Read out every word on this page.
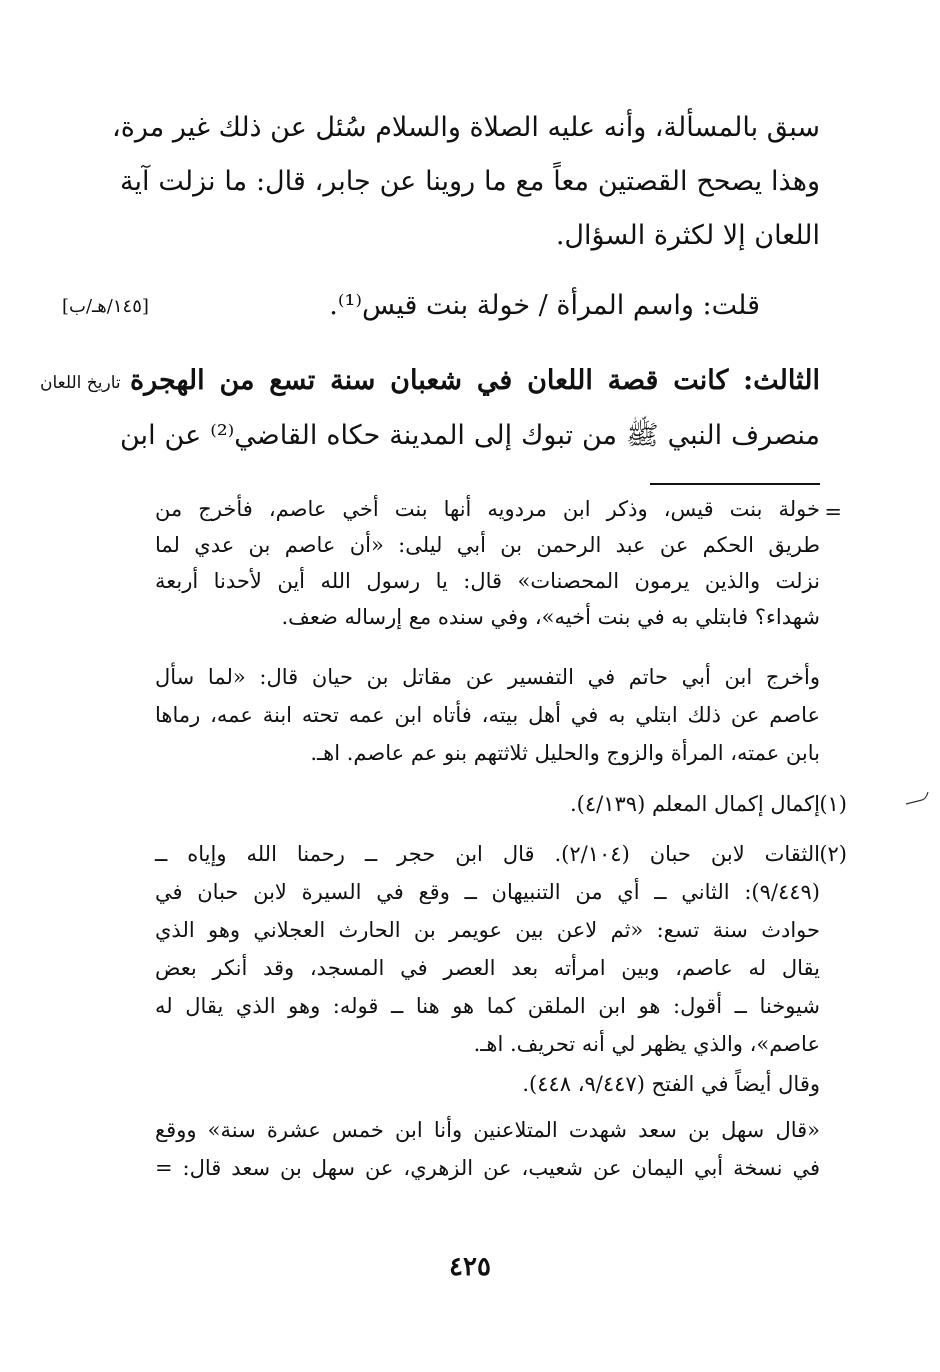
سبق بالمسألة، وأنه عليه الصلاة والسلام سُئل عن ذلك غير مرة،
وهذا يصحح القصتين معاً مع ما روينا عن جابر، قال: ما نزلت آية
اللعان إلا لكثرة السؤال.
قلت: واسم المرأة / خولة بنت قيس⁽¹⁾.
[١٤٥/هـ/ب]
الثالث: كانت قصة اللعان في شعبان سنة تسع من الهجرة
تاريخ اللعان
منصرف النبي ﷺ من تبوك إلى المدينة حكاه القاضي⁽²⁾ عن ابن
=
خولة بنت قيس، وذكر ابن مردويه أنها بنت أخي عاصم، فأخرج من
طريق الحكم عن عبد الرحمن بن أبي ليلى: «أن عاصم بن عدي لما
نزلت والذين يرمون المحصنات» قال: يا رسول الله أين لأحدنا أربعة
شهداء؟ فابتلي به في بنت أخيه»، وفي سنده مع إرساله ضعف.
وأخرج ابن أبي حاتم في التفسير عن مقاتل بن حيان قال: «لما سأل
عاصم عن ذلك ابتلي به في أهل بيته، فأتاه ابن عمه تحته ابنة عمه، رماها
بابن عمته، المرأة والزوج والحليل ثلاثتهم بنو عم عاصم. اهـ.
(١)
إكمال إكمال المعلم (٤/١٣٩).
(٢)
الثقات لابن حبان (٢/١٠٤). قال ابن حجر ــ رحمنا الله وإياه ــ
(٩/٤٤٩): الثاني ــ أي من التنبيهان ــ وقع في السيرة لابن حبان في
حوادث سنة تسع: «ثم لاعن بين عويمر بن الحارث العجلاني وهو الذي
يقال له عاصم، وبين امرأته بعد العصر في المسجد، وقد أنكر بعض
شيوخنا ــ أقول: هو ابن الملقن كما هو هنا ــ قوله: وهو الذي يقال له
عاصم»، والذي يظهر لي أنه تحريف. اهـ.
وقال أيضاً في الفتح (٩/٤٤٧، ٤٤٨).
«قال سهل بن سعد شهدت المتلاعنين وأنا ابن خمس عشرة سنة» ووقع
في نسخة أبي اليمان عن شعيب، عن الزهري، عن سهل بن سعد قال: =
٤٢٥
